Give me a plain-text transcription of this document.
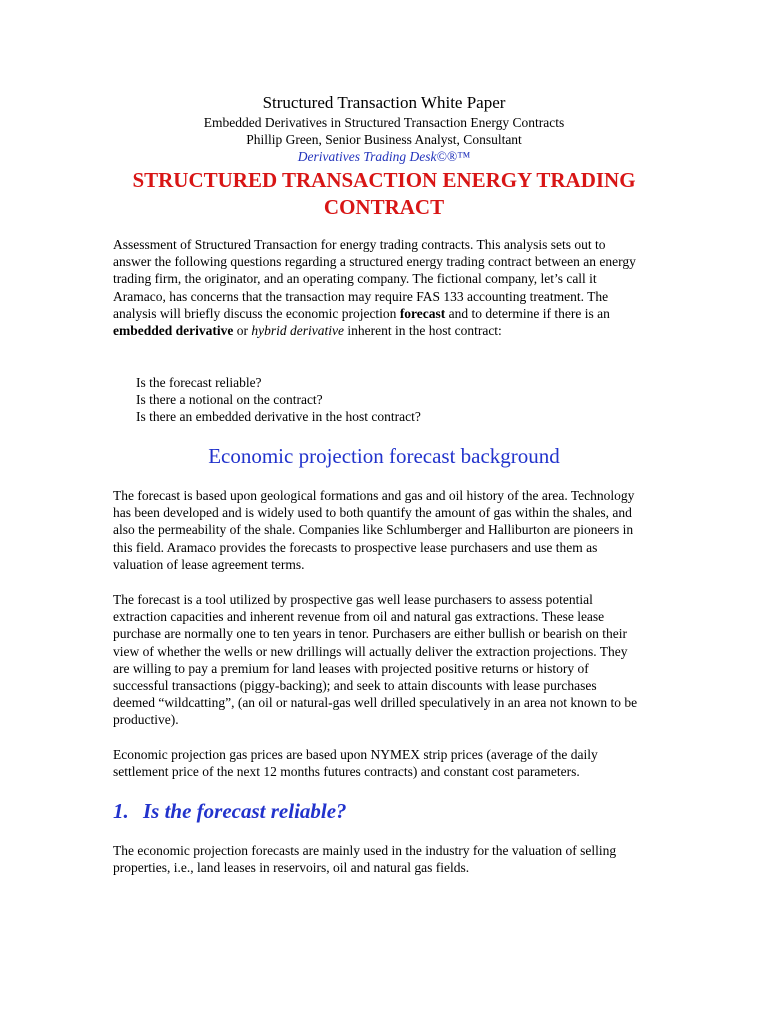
Structured Transaction White Paper
Embedded Derivatives in Structured Transaction Energy Contracts
Phillip Green, Senior Business Analyst, Consultant
Derivatives Trading Desk©®™
STRUCTURED TRANSACTION ENERGY TRADING CONTRACT
Assessment of Structured Transaction for energy trading contracts. This analysis sets out to answer the following questions regarding a structured energy trading contract between an energy trading firm, the originator, and an operating company. The fictional company, let’s call it Aramaco, has concerns that the transaction may require FAS 133 accounting treatment. The analysis will briefly discuss the economic projection forecast and to determine if there is an embedded derivative or hybrid derivative inherent in the host contract:
Is the forecast reliable?
Is there a notional on the contract?
Is there an embedded derivative in the host contract?
Economic projection forecast background
The forecast is based upon geological formations and gas and oil history of the area. Technology has been developed and is widely used to both quantify the amount of gas within the shales, and also the permeability of the shale. Companies like Schlumberger and Halliburton are pioneers in this field. Aramaco provides the forecasts to prospective lease purchasers and use them as valuation of lease agreement terms.
The forecast is a tool utilized by prospective gas well lease purchasers to assess potential extraction capacities and inherent revenue from oil and natural gas extractions. These lease purchase are normally one to ten years in tenor. Purchasers are either bullish or bearish on their view of whether the wells or new drillings will actually deliver the extraction projections. They are willing to pay a premium for land leases with projected positive returns or history of successful transactions (piggy-backing); and seek to attain discounts with lease purchases deemed “wildcatting”, (an oil or natural-gas well drilled speculatively in an area not known to be productive).
Economic projection gas prices are based upon NYMEX strip prices (average of the daily settlement price of the next 12 months futures contracts) and constant cost parameters.
1. Is the forecast reliable?
The economic projection forecasts are mainly used in the industry for the valuation of selling properties, i.e., land leases in reservoirs, oil and natural gas fields.
